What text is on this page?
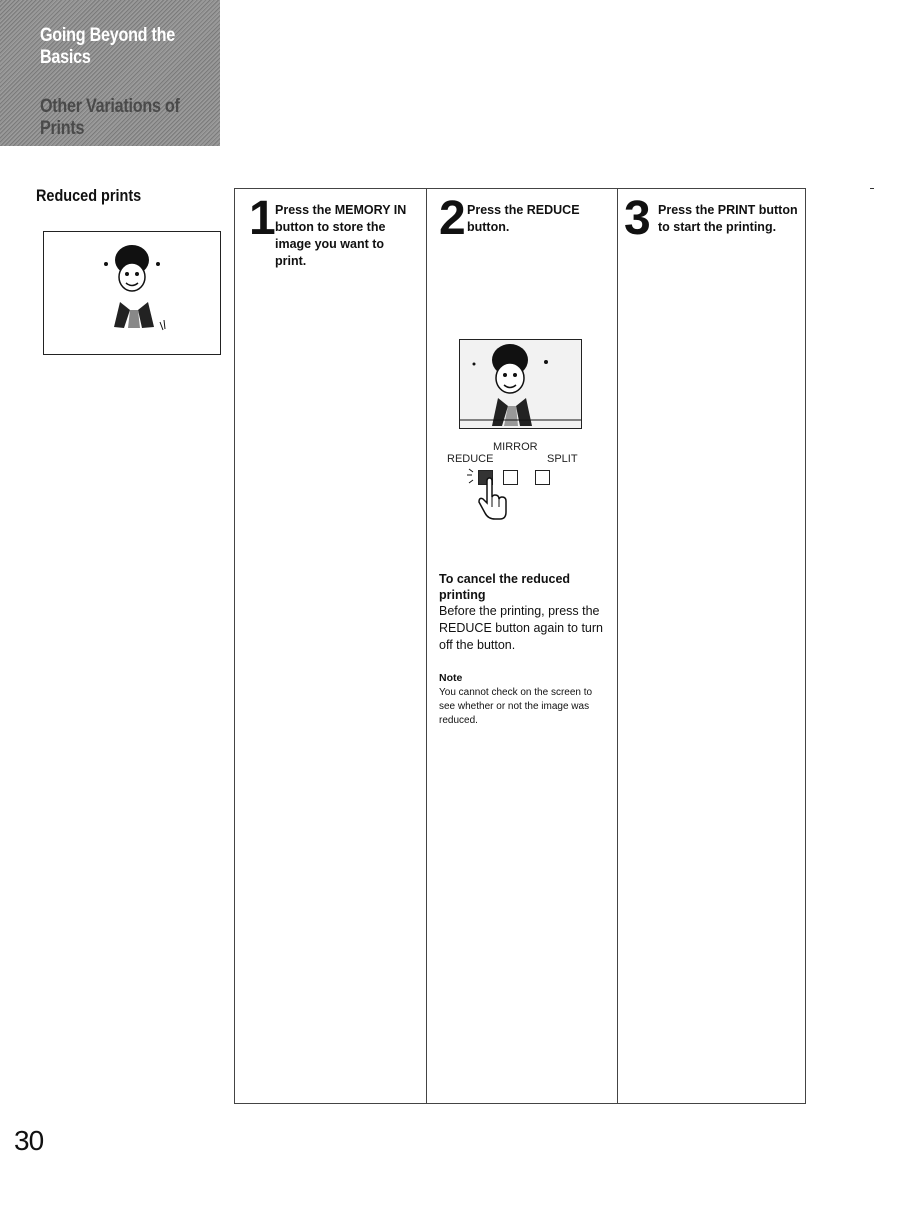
Going Beyond the Basics
Other Variations of Prints
Reduced prints 1 Press the MEMORY IN button to store the image you want to print.
2 Press the REDUCE button.
MIRROR
REDUCE	SPLIT
To cancel the reduced printing
Before the printing, press the REDUCE button again to turn off the button.
Note
You cannot check on the screen to see whether or not the image was reduced.
3 Press the PRINT button to start the printing.
30
